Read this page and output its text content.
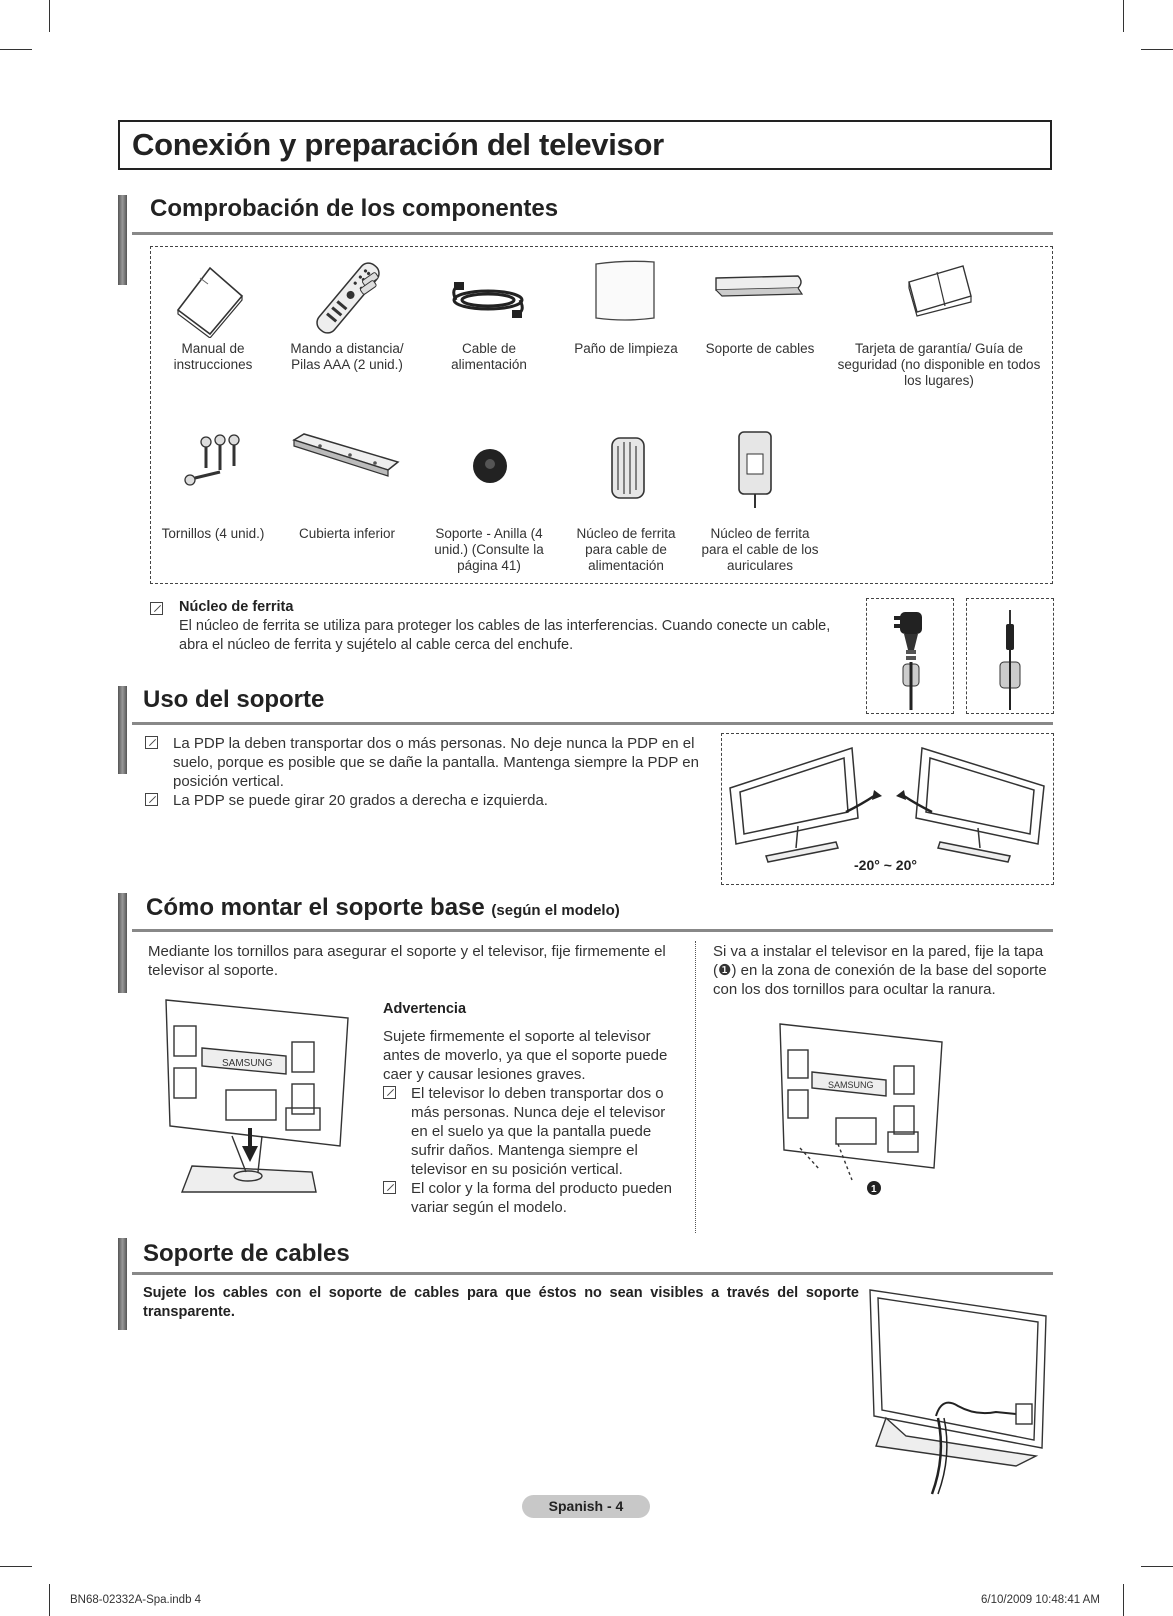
Conexión y preparación del televisor
Comprobación de los componentes
Manual de instrucciones
Mando a distancia/ Pilas AAA (2 unid.)
Cable de alimentación
Paño de limpieza	Soporte de cables	Tarjeta de garantía/ Guía de seguridad (no disponible en todos los lugares)
Tornillos (4 unid.)	Cubierta inferior	Soporte - Anilla (4 unid.) (Consulte la página 41)
Núcleo de ferrita para cable de alimentación
Núcleo de ferrita para el cable de los auriculares
Núcleo de ferrita
El núcleo de ferrita se utiliza para proteger los cables de las interferencias. Cuando conecte un cable, abra el núcleo de ferrita y sujételo al cable cerca del enchufe.
Uso del soporte
La PDP la deben transportar dos o más personas. No deje nunca la PDP en el suelo, porque es posible que se dañe la pantalla. Mantenga siempre la PDP en posición vertical.
La PDP se puede girar 20 grados a derecha e izquierda.
-20° ~ 20°
Cómo montar el soporte base (según el modelo)
Mediante los tornillos para asegurar el soporte y el televisor, fije firmemente el televisor al soporte.
SAMSUNG
Advertencia
Sujete firmemente el soporte al televisor antes de moverlo, ya que el soporte puede caer y causar lesiones graves.
El televisor lo deben transportar dos o más personas. Nunca deje el televisor en el suelo ya que la pantalla puede sufrir daños. Mantenga siempre el televisor en su posición vertical.
El color y la forma del producto pueden variar según el modelo.
Si va a instalar el televisor en la pared, fije la tapa (❶) en la zona de conexión de la base del soporte con los dos tornillos para ocultar la ranura.
SAMSUNG
1
Soporte de cables
Sujete los cables con el soporte de cables para que éstos no sean visibles a través del soporte transparente.
Spanish - 4
BN68-02332A-Spa.indb 4	6/10/2009 10:48:41 AM
